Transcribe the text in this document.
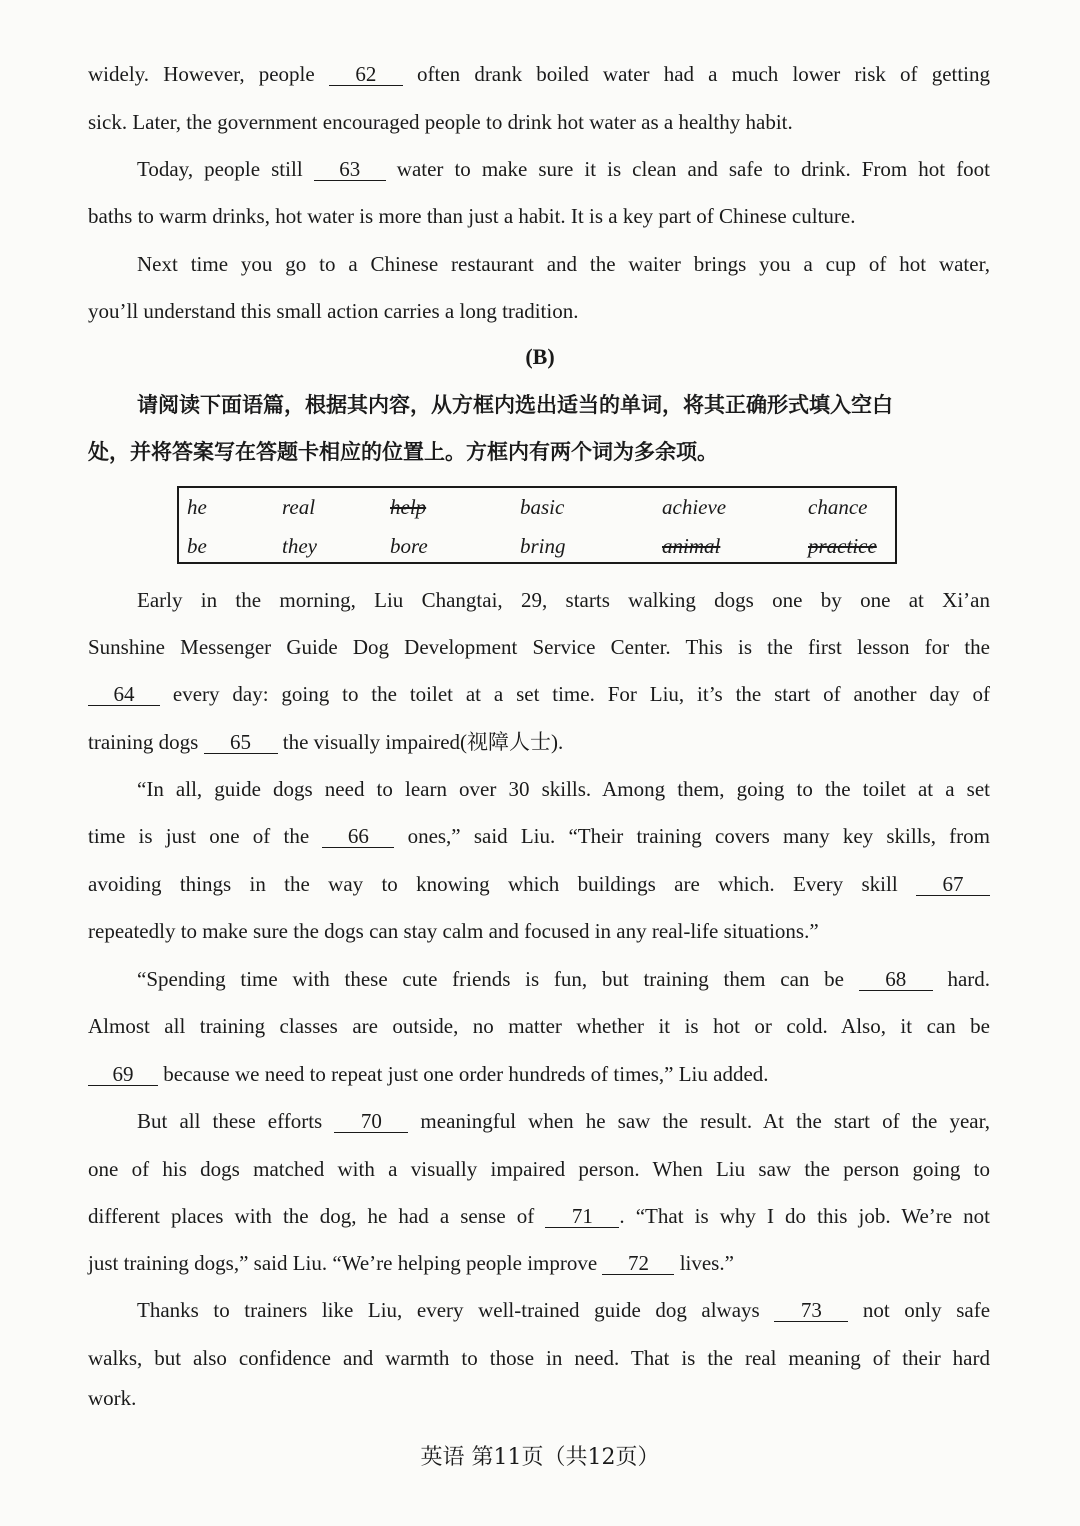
widely. However, people 62 often drank boiled water had a much lower risk of getting
sick. Later, the government encouraged people to drink hot water as a healthy habit.
Today, people still 63 water to make sure it is clean and safe to drink. From hot foot
baths to warm drinks, hot water is more than just a habit. It is a key part of Chinese culture.
Next time you go to a Chinese restaurant and the waiter brings you a cup of hot water,
you’ll understand this small action carries a long tradition.
(B)
请阅读下面语篇，根据其内容，从方框内选出适当的单词，将其正确形式填入空白
处，并将答案写在答题卡相应的位置上。方框内有两个词为多余项。
he	real	help	basic	achieve	chance
be	they	bore	bring	animal	practice
Early in the morning, Liu Changtai, 29, starts walking dogs one by one at Xi’an
Sunshine Messenger Guide Dog Development Service Center. This is the first lesson for the
64 every day: going to the toilet at a set time. For Liu, it’s the start of another day of
training dogs 65 the visually impaired(视障人士).
“In all, guide dogs need to learn over 30 skills. Among them, going to the toilet at a set
time is just one of the 66 ones,” said Liu. “Their training covers many key skills, from
avoiding things in the way to knowing which buildings are which. Every skill 67
repeatedly to make sure the dogs can stay calm and focused in any real-life situations.”
“Spending time with these cute friends is fun, but training them can be 68 hard.
Almost all training classes are outside, no matter whether it is hot or cold. Also, it can be
69 because we need to repeat just one order hundreds of times,” Liu added.
But all these efforts 70 meaningful when he saw the result. At the start of the year,
one of his dogs matched with a visually impaired person. When Liu saw the person going to
different places with the dog, he had a sense of 71 . “That is why I do this job. We’re not
just training dogs,” said Liu. “We’re helping people improve 72 lives.”
Thanks to trainers like Liu, every well-trained guide dog always 73 not only safe
walks, but also confidence and warmth to those in need. That is the real meaning of their hard
work.
英语 第11页（共12页）
